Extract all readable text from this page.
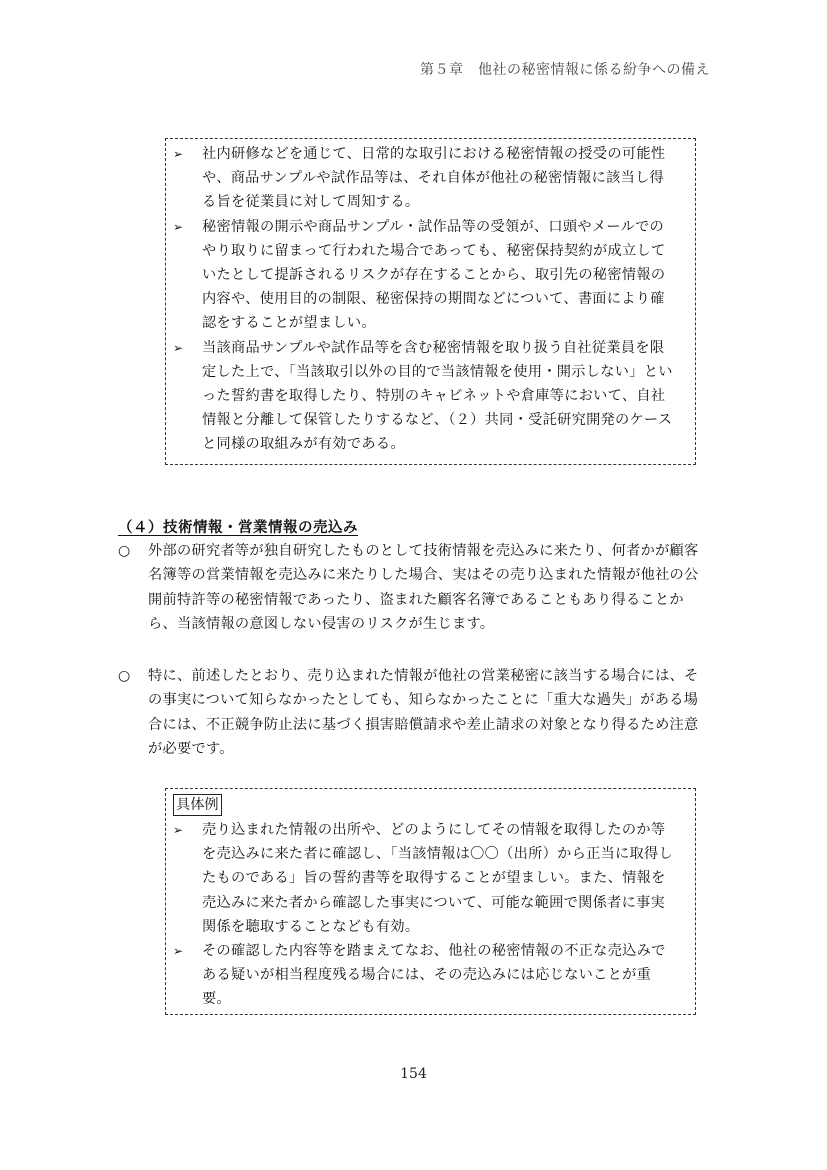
第５章　他社の秘密情報に係る紛争への備え
➢ 社内研修などを通じて、日常的な取引における秘密情報の授受の可能性や、商品サンプルや試作品等は、それ自体が他社の秘密情報に該当し得る旨を従業員に対して周知する。
➢ 秘密情報の開示や商品サンプル・試作品等の受領が、口頭やメールでのやり取りに留まって行われた場合であっても、秘密保持契約が成立していたとして提訴されるリスクが存在することから、取引先の秘密情報の内容や、使用目的の制限、秘密保持の期間などについて、書面により確認をすることが望ましい。
➢ 当該商品サンプルや試作品等を含む秘密情報を取り扱う自社従業員を限定した上で、「当該取引以外の目的で当該情報を使用・開示しない」といった誓約書を取得したり、特別のキャビネットや倉庫等において、自社情報と分離して保管したりするなど、（２）共同・受託研究開発のケースと同様の取組みが有効である。
（４）技術情報・営業情報の売込み
○ 外部の研究者等が独自研究したものとして技術情報を売込みに来たり、何者かが顧客名簿等の営業情報を売込みに来たりした場合、実はその売り込まれた情報が他社の公開前特許等の秘密情報であったり、盗まれた顧客名簿であることもあり得ることから、当該情報の意図しない侵害のリスクが生じます。
○ 特に、前述したとおり、売り込まれた情報が他社の営業秘密に該当する場合には、その事実について知らなかったとしても、知らなかったことに「重大な過失」がある場合には、不正競争防止法に基づく損害賠償請求や差止請求の対象となり得るため注意が必要です。
具体例
➢ 売り込まれた情報の出所や、どのようにしてその情報を取得したのか等を売込みに来た者に確認し、「当該情報は〇〇（出所）から正当に取得したものである」旨の誓約書等を取得することが望ましい。また、情報を売込みに来た者から確認した事実について、可能な範囲で関係者に事実関係を聴取することなども有効。
➢ その確認した内容等を踏まえてなお、他社の秘密情報の不正な売込みである疑いが相当程度残る場合には、その売込みには応じないことが重要。
154
